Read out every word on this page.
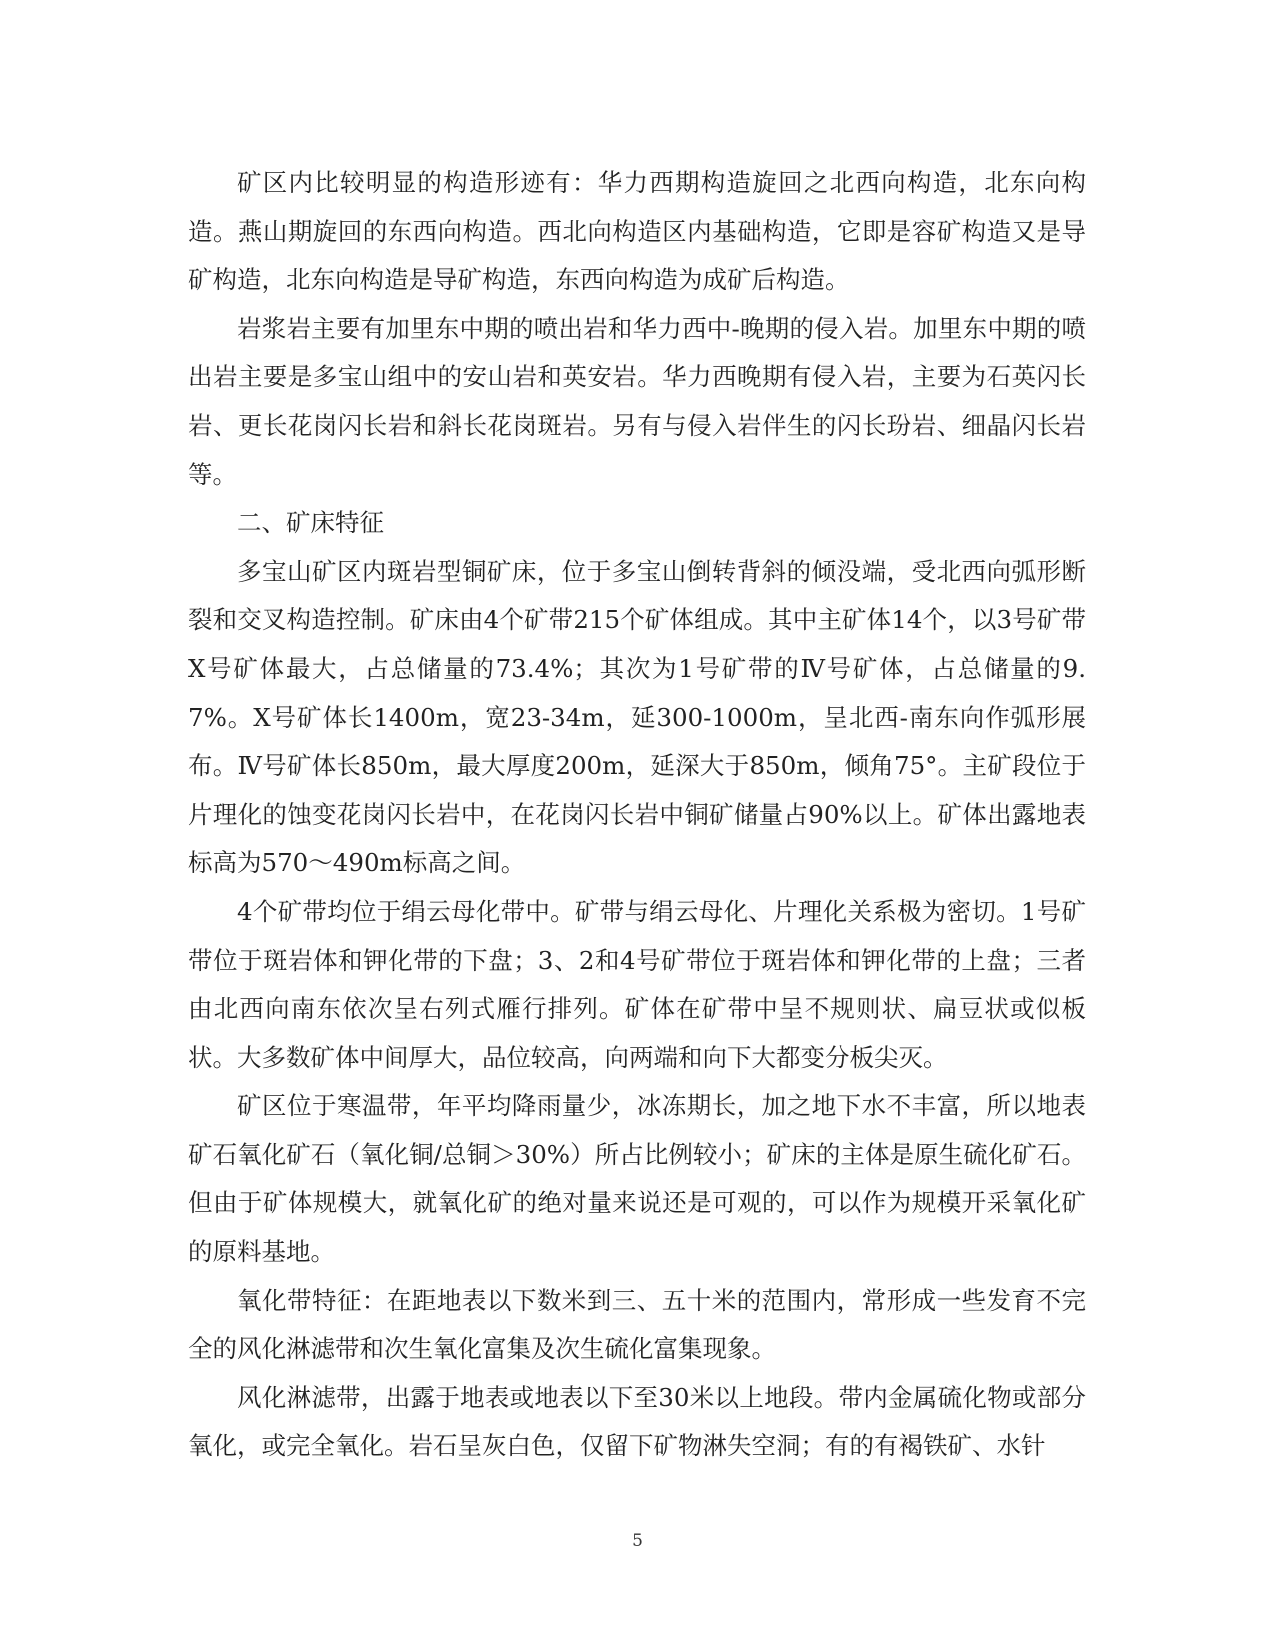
矿区内比较明显的构造形迹有：华力西期构造旋回之北西向构造，北东向构造。燕山期旋回的东西向构造。西北向构造区内基础构造，它即是容矿构造又是导矿构造，北东向构造是导矿构造，东西向构造为成矿后构造。

岩浆岩主要有加里东中期的喷出岩和华力西中-晚期的侵入岩。加里东中期的喷出岩主要是多宝山组中的安山岩和英安岩。华力西晚期有侵入岩，主要为石英闪长岩、更长花岗闪长岩和斜长花岗斑岩。另有与侵入岩伴生的闪长玢岩、细晶闪长岩等。

二、矿床特征

多宝山矿区内斑岩型铜矿床，位于多宝山倒转背斜的倾没端，受北西向弧形断裂和交叉构造控制。矿床由4个矿带215个矿体组成。其中主矿体14个，以3号矿带Ⅹ号矿体最大，占总储量的73.4%；其次为1号矿带的Ⅳ号矿体，占总储量的9.7%。Ⅹ号矿体长1400m，宽23-34m，延300-1000m，呈北西-南东向作弧形展布。Ⅳ号矿体长850m，最大厚度200m，延深大于850m，倾角75°。主矿段位于片理化的蚀变花岗闪长岩中，在花岗闪长岩中铜矿储量占90%以上。矿体出露地表标高为570～490m标高之间。

4个矿带均位于绢云母化带中。矿带与绢云母化、片理化关系极为密切。1号矿带位于斑岩体和钾化带的下盘；3、2和4号矿带位于斑岩体和钾化带的上盘；三者由北西向南东依次呈右列式雁行排列。矿体在矿带中呈不规则状、扁豆状或似板状。大多数矿体中间厚大，品位较高，向两端和向下大都变分板尖灭。

矿区位于寒温带，年平均降雨量少，冰冻期长，加之地下水不丰富，所以地表矿石氧化矿石（氧化铜/总铜＞30%）所占比例较小；矿床的主体是原生硫化矿石。但由于矿体规模大，就氧化矿的绝对量来说还是可观的，可以作为规模开采氧化矿的原料基地。

氧化带特征：在距地表以下数米到三、五十米的范围内，常形成一些发育不完全的风化淋滤带和次生氧化富集及次生硫化富集现象。

风化淋滤带，出露于地表或地表以下至30米以上地段。带内金属硫化物或部分氧化，或完全氧化。岩石呈灰白色，仅留下矿物淋失空洞；有的有褐铁矿、水针

5
